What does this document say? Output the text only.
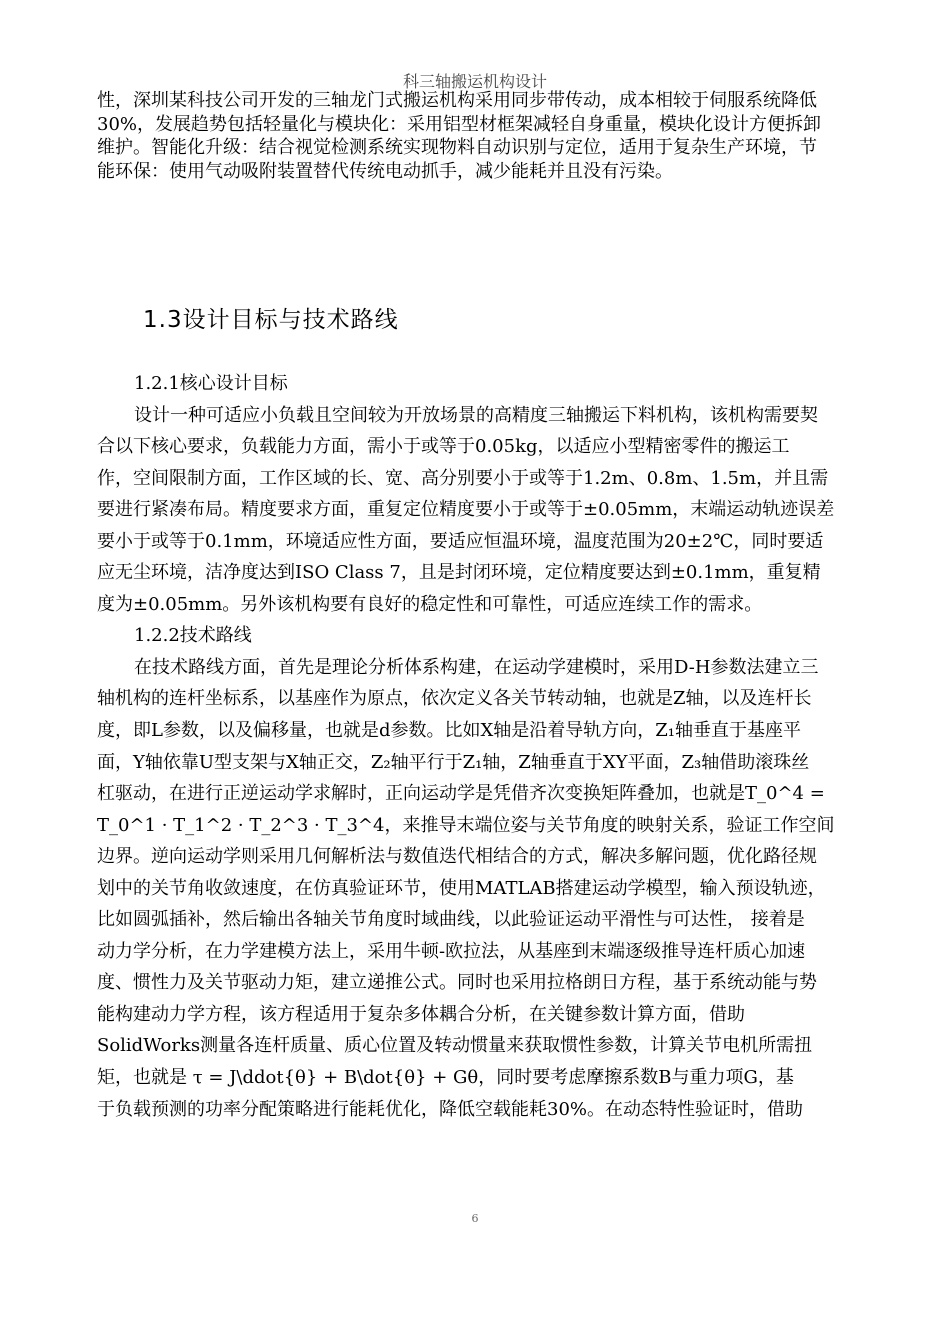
科三轴搬运机构设计

性，深圳某科技公司开发的三轴龙门式搬运机构采用同步带传动，成本相较于伺服系统降低

30%，发展趋势包括轻量化与模块化：采用铝型材框架减轻自身重量，模块化设计方便拆卸

维护。智能化升级：结合视觉检测系统实现物料自动识别与定位，适用于复杂生产环境，节

能环保：使用气动吸附装置替代传统电动抓手，减少能耗并且没有污染。

1.3设计目标与技术路线
1.2.1核心设计目标
设计一种可适应小负载且空间较为开放场景的高精度三轴搬运下料机构，该机构需要契
合以下核心要求，负载能力方面，需小于或等于0.05kg，以适应小型精密零件的搬运工
作，空间限制方面，工作区域的长、宽、高分别要小于或等于1.2m、0.8m、1.5m，并且需
要进行紧凑布局。精度要求方面，重复定位精度要小于或等于±0.05mm，末端运动轨迹误差
要小于或等于0.1mm，环境适应性方面，要适应恒温环境，温度范围为20±2℃，同时要适
应无尘环境，洁净度达到ISO Class 7，且是封闭环境，定位精度要达到±0.1mm，重复精
度为±0.05mm。另外该机构要有良好的稳定性和可靠性，可适应连续工作的需求。
1.2.2技术路线
在技术路线方面，首先是理论分析体系构建，在运动学建模时，采用D-H参数法建立三
轴机构的连杆坐标系，以基座作为原点，依次定义各关节转动轴，也就是Z轴，以及连杆长
度，即L参数，以及偏移量，也就是d参数。比如X轴是沿着导轨方向，Z₁轴垂直于基座平
面，Y轴依靠U型支架与X轴正交，Z₂轴平行于Z₁轴，Z轴垂直于XY平面，Z₃轴借助滚珠丝
杠驱动，在进行正逆运动学求解时，正向运动学是凭借齐次变换矩阵叠加，也就是T_0^4 =
T_0^1 · T_1^2 · T_2^3 · T_3^4，来推导末端位姿与关节角度的映射关系，验证工作空间
边界。逆向运动学则采用几何解析法与数值迭代相结合的方式，解决多解问题，优化路径规
划中的关节角收敛速度，在仿真验证环节，使用MATLAB搭建运动学模型，输入预设轨迹，
比如圆弧插补，然后输出各轴关节角度时域曲线，以此验证运动平滑性与可达性， 接着是
动力学分析，在力学建模方法上，采用牛顿-欧拉法，从基座到末端逐级推导连杆质心加速
度、惯性力及关节驱动力矩，建立递推公式。同时也采用拉格朗日方程，基于系统动能与势
能构建动力学方程，该方程适用于复杂多体耦合分析，在关键参数计算方面，借助
SolidWorks测量各连杆质量、质心位置及转动惯量来获取惯性参数，计算关节电机所需扭
矩，也就是 τ = J\ddot{θ} + B\dot{θ} + Gθ，同时要考虑摩擦系数B与重力项G，基
于负载预测的功率分配策略进行能耗优化，降低空载能耗30%。在动态特性验证时，借助
6
